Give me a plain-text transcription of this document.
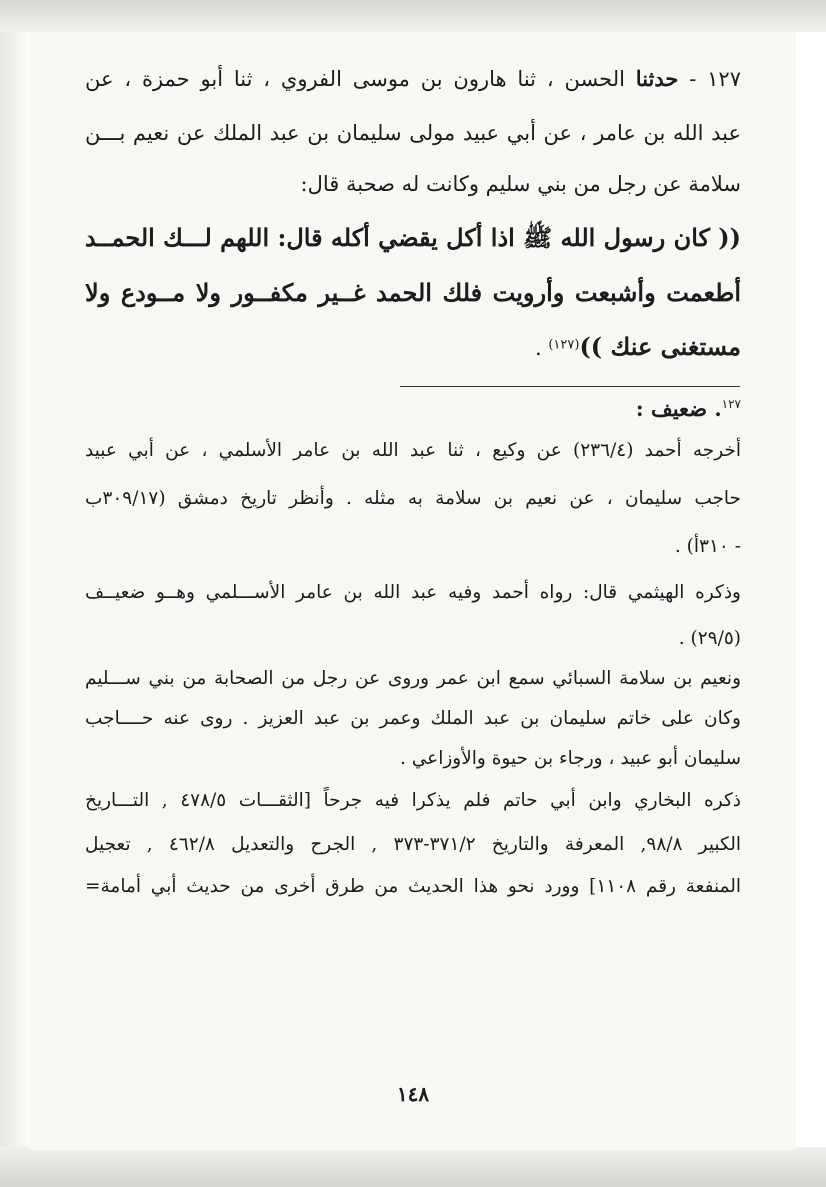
١٢٧ - حدثنا الحسن ، ثنا هارون بن موسى الفروي ، ثنا أبو حمزة ، عن
عبد الله بن عامر ، عن أبي عبيد مولى سليمان بن عبد الملك عن نعيم بـــن
سلامة عن رجل من بني سليم وكانت له صحبة قال:
(( كان رسول الله ﷺ اذا أكل يقضي أكله قال: اللهم لـــك الحمــد
أطعمت وأشبعت وأرويت فلك الحمد غــير مكفــور ولا مــودع ولا
مستغنى عنك ))$^{(١٢٧)}$ .
$^{١٢٧}$. ضعيف :
أخرجه أحمد (٢٣٦/٤) عن وكيع ، ثنا عبد الله بن عامر الأسلمي ، عن أبي عبيد
حاجب سليمان ، عن نعيم بن سلامة به مثله . وأنظر تاريخ دمشق (٣٠٩/١٧ب
- ٣١٠أ) .
وذكره الهيثمي قال: رواه أحمد وفيه عبد الله بن عامر الأســـلمي وهــو ضعيــف
(٢٩/٥) .
ونعيم بن سلامة السبائي سمع ابن عمر وروى عن رجل من الصحابة من بني ســـليم
وكان على خاتم سليمان بن عبد الملك وعمر بن عبد العزيز . روى عنه حــــاجب
سليمان أبو عبيد ، ورجاء بن حيوة والأوزاعي .
ذكره البخاري وابن أبي حاتم فلم يذكرا فيه جرحاً [الثقـــات ٤٧٨/٥ , التـــاريخ
الكبير ٩٨/٨, المعرفة والتاريخ ٣٧١/٢-٣٧٣ , الجرح والتعديل ٤٦٢/٨ , تعجيل
المنفعة رقم ١١٠٨] وورد نحو هذا الحديث من طرق أخرى من حديث أبي أمامة=
١٤٨
